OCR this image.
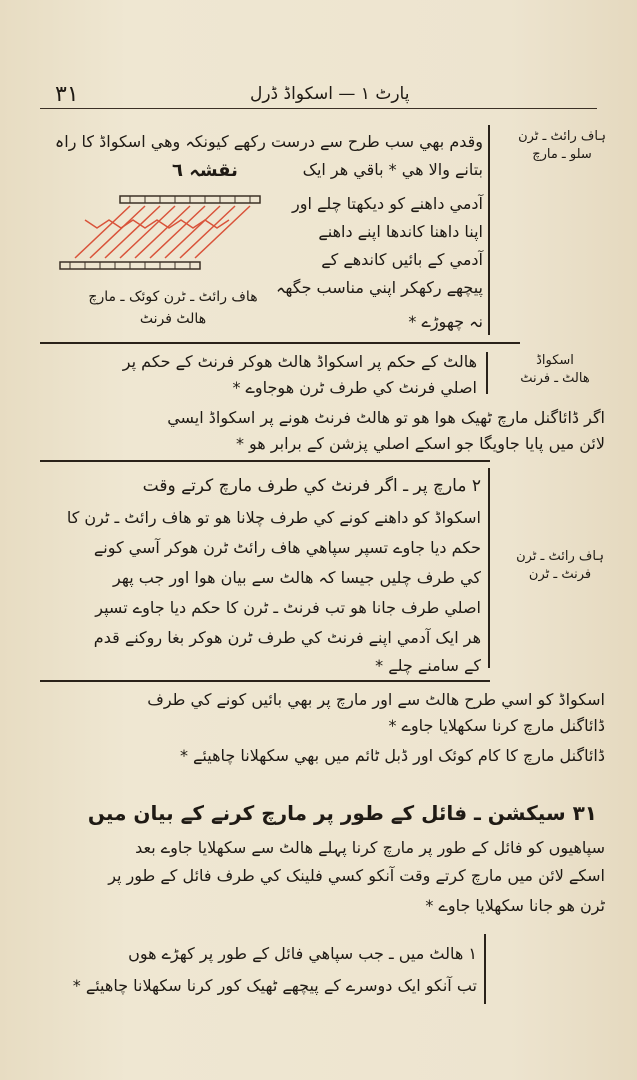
۳۱	پارٹ ۱ — اسکواڈ ڈرل
ہاف رائٹ ـ ٹرن
سلو ـ مارچ
وقدم بھي سب طرح سے درست رکھے کیونکہ وھي اسکواڈ کا راہ
بتانے والا ھي * باقي ھر ایک
آدمي داھنے کو دیکھتا چلے اور
اپنا داھنا کاندھا اپنے داھنے
آدمي کے بائیں کاندھے کے
پیچھے رکھکر اپني مناسب جگھہ
نہ چھوڑے *
نقشہ ٦
ھاف رائٹ ـ ٹرن کوئک ـ مارچ
ھالٹ فرنٹ
اسکواڈ
ھالٹ ـ فرنٹ
ھالٹ کے حکم پر اسکواڈ ھالٹ ھوکر فرنٹ کے حکم پر
اصلي فرنٹ کي طرف ٹرن ھوجاوے *
اگر ڈائاگنل مارچ ٹھیک ھوا ھو تو ھالٹ فرنٹ ھونے پر اسکواڈ ایسي
لائن میں پایا جاویگا جو اسکے اصلي پزشن کے برابر ھو *
ہاف رائٹ ـ ٹرن
فرنٹ ـ ٹرن
۲ مارچ پر ـ اگر فرنٹ کي طرف مارچ کرتے وقت
اسکواڈ کو داھنے کونے کي طرف چلانا ھو تو ھاف رائٹ ـ ٹرن کا
حکم دیا جاوے تسپر سپاھي ھاف رائٹ ٹرن ھوکر آسي کونے
کي طرف چلیں جیسا کہ ھالٹ سے بیان ھوا اور جب پھر
اصلي طرف جانا ھو تب فرنٹ ـ ٹرن کا حکم دیا جاوے تسپر
ھر ایک آدمي اپنے فرنٹ کي طرف ٹرن ھوکر بغا روکنے قدم
کے سامنے چلے *
اسکواڈ کو اسي طرح ھالٹ سے اور مارچ پر بھي بائیں کونے کي طرف
ڈائاگنل مارچ کرنا سکھلایا جاوے *
ڈائاگنل مارچ کا کام کوئک اور ڈبل ٹائم میں بھي سکھلانا چاھیئے *
۳۱ سیکشن ـ فائل کے طور پر مارچ کرنے کے بیان میں
سپاھیوں کو فائل کے طور پر مارچ کرنا پہلے ھالٹ سے سکھلایا جاوے بعد
اسکے لائن میں مارچ کرتے وقت آنکو کسي فلینک کي طرف فائل کے طور پر
ٹرن ھو جانا سکھلایا جاوے *
۱ ھالٹ میں ـ جب سپاھي فائل کے طور پر کھڑے ھوں
تب آنکو ایک دوسرے کے پیچھے ٹھیک کور کرنا سکھلانا چاھیئے *
